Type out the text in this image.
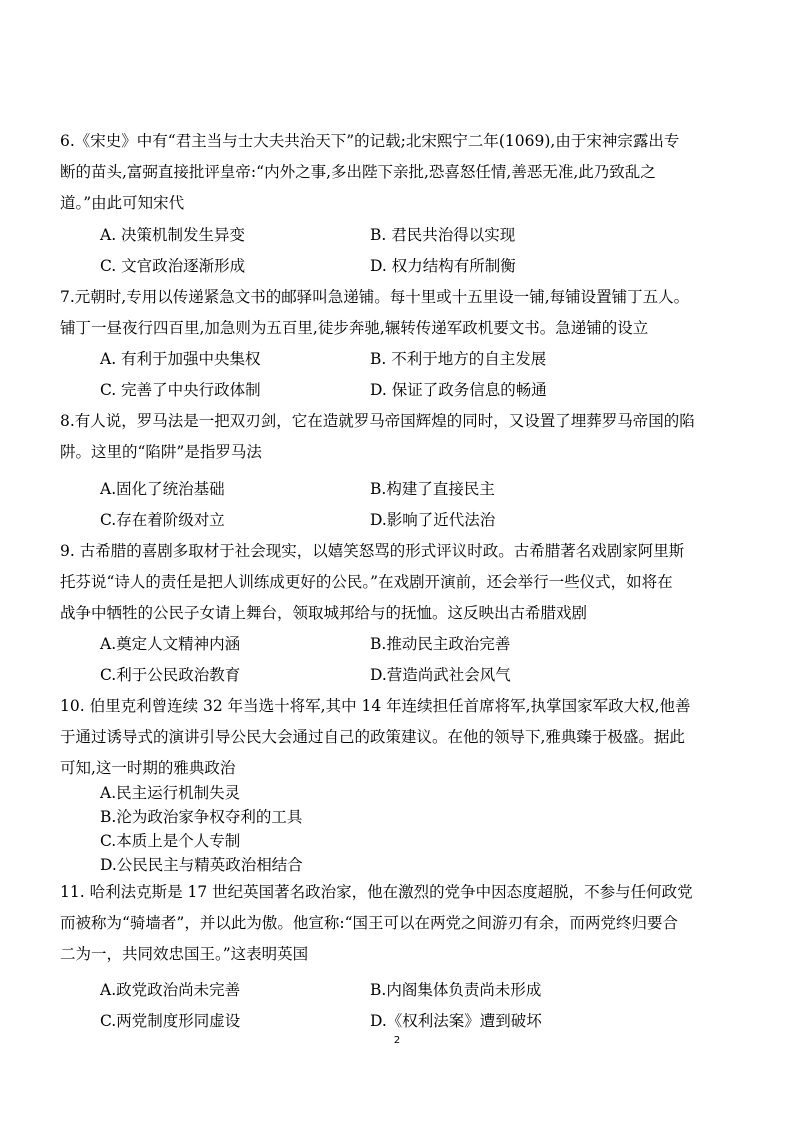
6.《宋史》中有“君主当与士大夫共治天下”的记载;北宋熙宁二年(1069),由于宋神宗露出专
断的苗头,富弼直接批评皇帝:“内外之事,多出陛下亲批,恐喜怒任情,善恶无准,此乃致乱之
道。”由此可知宋代
A. 决策机制发生异变	B. 君民共治得以实现
C. 文官政治逐渐形成	D. 权力结构有所制衡
7.元朝时,专用以传递紧急文书的邮驿叫急递铺。每十里或十五里设一铺,每铺设置铺丁五人。
铺丁一昼夜行四百里,加急则为五百里,徒步奔驰,辗转传递军政机要文书。急递铺的设立
A. 有利于加强中央集权	B. 不利于地方的自主发展
C. 完善了中央行政体制	D. 保证了政务信息的畅通
8.有人说，罗马法是一把双刃剑，它在造就罗马帝国辉煌的同时，又设置了埋葬罗马帝国的陷
阱。这里的“陷阱”是指罗马法
A.固化了统治基础	B.构建了直接民主
C.存在着阶级对立	D.影响了近代法治
9. 古希腊的喜剧多取材于社会现实，以嬉笑怒骂的形式评议时政。古希腊著名戏剧家阿里斯
托芬说“诗人的责任是把人训练成更好的公民。”在戏剧开演前，还会举行一些仪式，如将在
战争中牺牲的公民子女请上舞台，领取城邦给与的抚恤。这反映出古希腊戏剧
A.奠定人文精神内涵	B.推动民主政治完善
C.利于公民政治教育	D.营造尚武社会风气
10. 伯里克利曾连续 32 年当选十将军,其中 14 年连续担任首席将军,执掌国家军政大权,他善
于通过诱导式的演讲引导公民大会通过自己的政策建议。在他的领导下,雅典臻于极盛。据此
可知,这一时期的雅典政治
A.民主运行机制失灵
B.沦为政治家争权夺利的工具
C.本质上是个人专制
D.公民民主与精英政治相结合
11. 哈利法克斯是 17 世纪英国著名政治家，他在激烈的党争中因态度超脱，不参与任何政党
而被称为“骑墙者”，并以此为傲。他宣称:“国王可以在两党之间游刃有余，而两党终归要合
二为一，共同效忠国王。”这表明英国
A.政党政治尚未完善	B.内阁集体负责尚未形成
C.两党制度形同虚设	D.《权利法案》遭到破坏
2
